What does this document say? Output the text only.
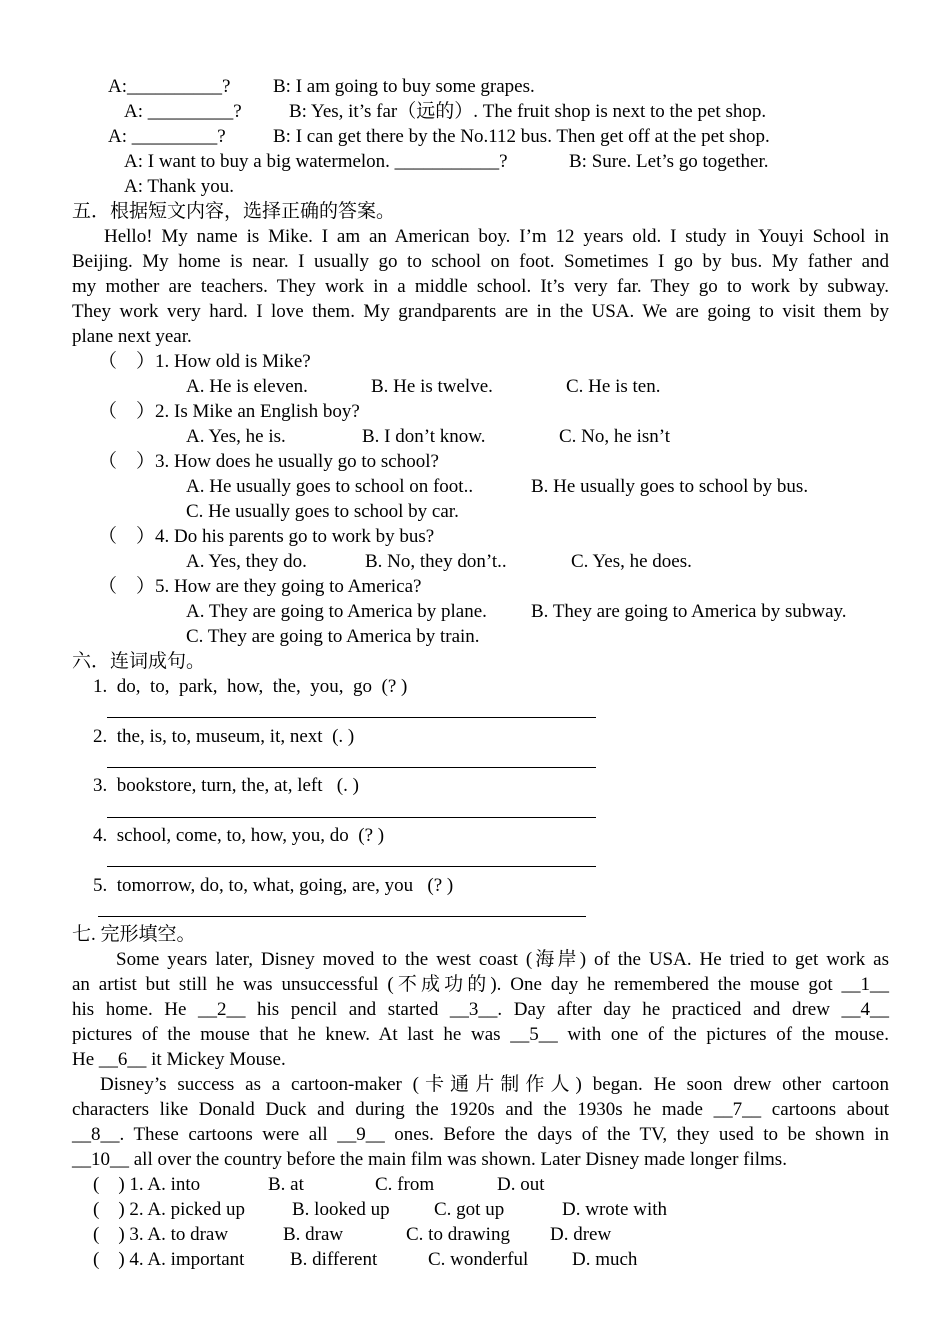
A:__________? B: I am going to buy some grapes.
A: _________? B: Yes, it’s far（远的）. The fruit shop is next to the pet shop.
A: _________? B: I can get there by the No.112 bus. Then get off at the pet shop.
A: I want to buy a big watermelon. ___________?	B: Sure. Let’s go together.
A: Thank you.
五．根据短文内容，选择正确的答案。
Hello! My name is Mike. I am an American boy. I’m 12 years old. I study in Youyi School in
Beijing. My home is near. I usually go to school on foot. Sometimes I go by bus. My father and
my mother are teachers. They work in a middle school. It’s very far. They go to work by subway.
They work very hard. I love them. My grandparents are in the USA. We are going to visit them by
plane next year.
（　）1. How old is Mike?
A. He is eleven.	B. He is twelve.	C. He is ten.
（　）2. Is Mike an English boy?
A. Yes, he is.	B. I don’t know.	C. No, he isn’t
（　）3. How does he usually go to school?
A. He usually goes to school on foot..	B. He usually goes to school by bus.
C. He usually goes to school by car.
（　）4. Do his parents go to work by bus?
A. Yes, they do.	B. No, they don’t..	C. Yes, he does.
（　）5. How are they going to America?
A. They are going to America by plane. B. They are going to America by subway.
C. They are going to America by train.
六．连词成句。
1.  do,  to,  park,  how,  the,  you,  go  (? )
2.  the, is, to, museum, it, next  (. )
3.  bookstore, turn, the, at, left   (. )
4.  school, come, to, how, you, do  (? )
5.  tomorrow, do, to, what, going, are, you   (? )
七. 完形填空。
Some years later, Disney moved to the west coast (海岸) of the USA. He tried to get work as
an artist but still he was unsuccessful (不成功的). One day he remembered the mouse got __1__
his home. He __2__ his pencil and started __3__. Day after day he practiced and drew __4__
pictures of the mouse that he knew. At last he was __5__ with one of the pictures of the mouse.
He __6__ it Mickey Mouse.
Disney’s success as a cartoon-maker (卡通片制作人) began. He soon drew other cartoon
characters like Donald Duck and during the 1920s and the 1930s he made __7__ cartoons about
__8__. These cartoons were all __9__ ones. Before the days of the TV, they used to be shown in
__10__ all over the country before the main film was shown. Later Disney made longer films.
(    ) 1. A. into	B. at	C. from	D. out
(    ) 2. A. picked up B. looked up C. got up	D. wrote with
(    ) 3. A. to draw	B. draw	C. to drawing D. drew
(    ) 4. A. important B. different	C. wonderful D. much
